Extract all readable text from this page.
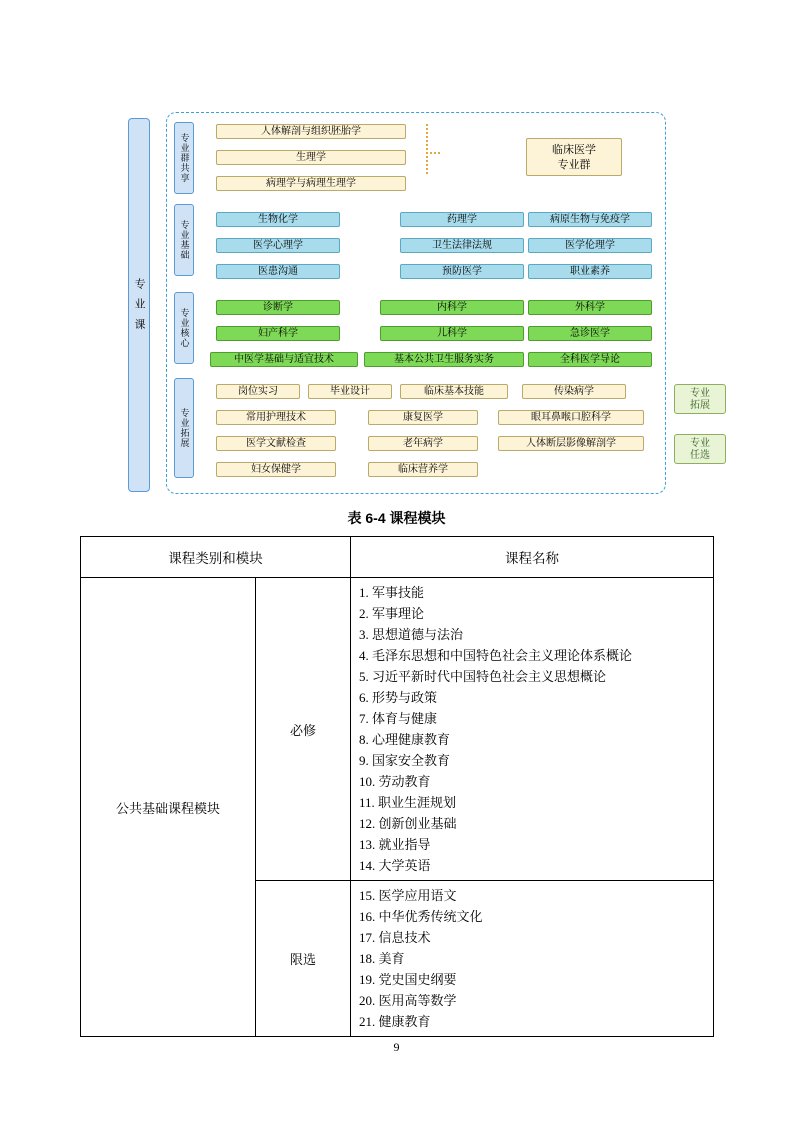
专 业 课
专业群共享
专业基础
专业核心
专业拓展
人体解剖与组织胚胎学
生理学
病理学与病理生理学
临床医学
专业群
生物化学	药理学	病原生物与免疫学
医学心理学	卫生法律法规	医学伦理学
医患沟通	预防医学	职业素养
诊断学	内科学	外科学
妇产科学	儿科学	急诊医学
中医学基础与适宜技术	基本公共卫生服务实务	全科医学导论
岗位实习	毕业设计	临床基本技能	传染病学
常用护理技术	康复医学	眼耳鼻喉口腔科学
医学文献检查	老年病学	人体断层影像解剖学
妇女保健学	临床营养学
专业
拓展
专业
任选
表 6-4 课程模块
课程类别和模块		课程名称
公共基础课程模块	必修	
1. 军事技能
2. 军事理论
3. 思想道德与法治
4. 毛泽东思想和中国特色社会主义理论体系概论
5. 习近平新时代中国特色社会主义思想概论
6. 形势与政策
7. 体育与健康
8. 心理健康教育
9. 国家安全教育
10. 劳动教育
11. 职业生涯规划
12. 创新创业基础
13. 就业指导
14. 大学英语

限选	
15. 医学应用语文
16. 中华优秀传统文化
17. 信息技术
18. 美育
19. 党史国史纲要
20. 医用高等数学
21. 健康教育
9
